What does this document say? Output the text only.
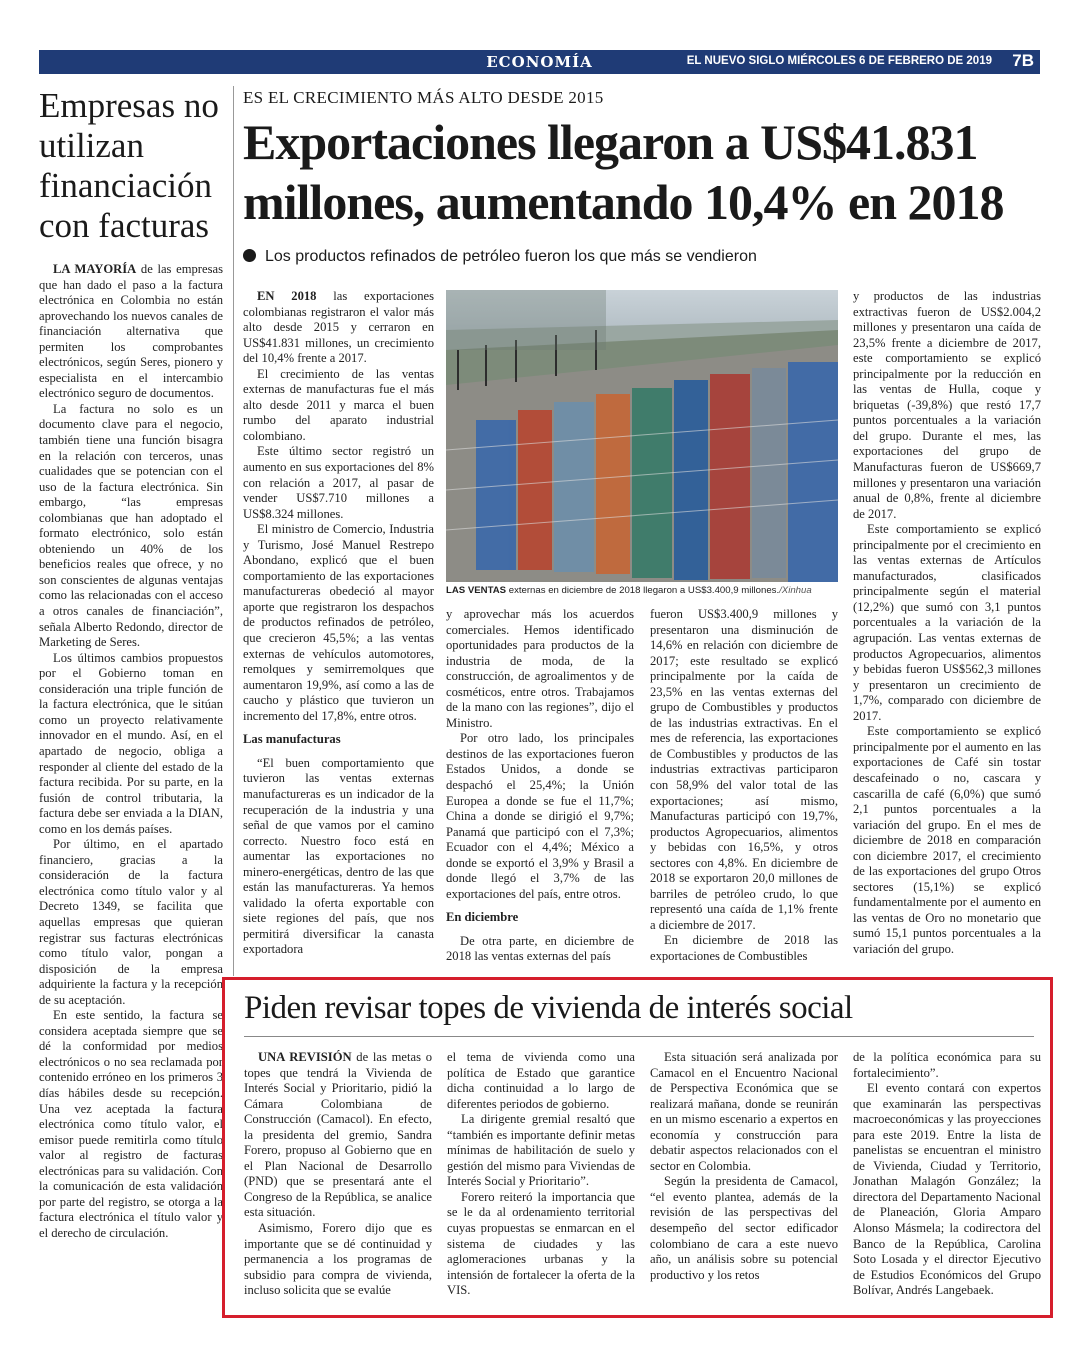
ECONOMÍA	EL NUEVO SIGLO MIÉRCOLES 6 DE FEBRERO DE 2019 7B
Empresas no utilizan financiación con facturas

LA MAYORÍA de las empresas que han dado el paso a la factura electrónica en Colombia no están aprovechando los nuevos canales de financiación alternativa que permiten los comprobantes electrónicos, según Seres, pionero y especialista en el intercambio electrónico seguro de documentos.

La factura no solo es un documento clave para el negocio, también tiene una función bisagra en la relación con terceros, unas cualidades que se potencian con el uso de la factura electrónica. Sin embargo, “las empresas colombianas que han adoptado el formato electrónico, solo están obteniendo un 40% de los beneficios reales que ofrece, y no son conscientes de algunas ventajas como las relacionadas con el acceso a otros canales de financiación”, señala Alberto Redondo, director de Marketing de Seres.

Los últimos cambios propuestos por el Gobierno toman en consideración una triple función de la factura electrónica, que le sitúan como un proyecto relativamente innovador en el mundo. Así, en el apartado de negocio, obliga a responder al cliente del estado de la factura recibida. Por su parte, en la fusión de control tributaria, la factura debe ser enviada a la DIAN, como en los demás países.

Por último, en el apartado financiero, gracias a la consideración de la factura electrónica como título valor y al Decreto 1349, se facilita que aquellas empresas que quieran registrar sus facturas electrónicas como título valor, pongan a disposición de la empresa adquiriente la factura y la recepción de su aceptación.

En este sentido, la factura se considera aceptada siempre que se dé la conformidad por medios electrónicos o no sea reclamada por contenido erróneo en los primeros 3 días hábiles desde su recepción. Una vez aceptada la factura electrónica como título valor, el emisor puede remitirla como título valor al registro de facturas electrónicas para su validación. Con la comunicación de esta validación por parte del registro, se otorga a la factura electrónica el título valor y el derecho de circulación.

ES EL CRECIMIENTO MÁS ALTO DESDE 2015
Exportaciones llegaron a US$41.831 millones, aumentando 10,4% en 2018
Los productos refinados de petróleo fueron los que más se vendieron

EN 2018 las exportaciones colombianas registraron el valor más alto desde 2015 y cerraron en US$41.831 millones, un crecimiento del 10,4% frente a 2017.

El crecimiento de las ventas externas de manufacturas fue el más alto desde 2011 y marca el buen rumbo del aparato industrial colombiano.

Este último sector registró un aumento en sus exportaciones del 8% con relación a 2017, al pasar de vender US$7.710 millones a US$8.324 millones.

El ministro de Comercio, Industria y Turismo, José Manuel Restrepo Abondano, explicó que el buen comportamiento de las exportaciones manufactureras obedeció al mayor aporte que registraron los despachos de productos refinados de petróleo, que crecieron 45,5%; a las ventas externas de vehículos automotores, remolques y semirremolques que aumentaron 19,9%, así como a las de caucho y plástico que tuvieron un incremento del 17,8%, entre otros.

Las manufacturas

“El buen comportamiento que tuvieron las ventas externas manufactureras es un indicador de la recuperación de la industria y una señal de que vamos por el camino correcto. Nuestro foco está en aumentar las exportaciones no minero-energéticas, dentro de las que están las manufactureras. Ya hemos validado la oferta exportable con siete regiones del país, que nos permitirá diversificar la canasta exportadora

LAS VENTAS externas en diciembre de 2018 llegaron a US$3.400,9 millones./Xinhua

y aprovechar más los acuerdos comerciales. Hemos identificado oportunidades para productos de la industria de moda, de la construcción, de agroalimentos y de cosméticos, entre otros. Trabajamos de la mano con las regiones”, dijo el Ministro.

Por otro lado, los principales destinos de las exportaciones fueron Estados Unidos, a donde se despachó el 25,4%; la Unión Europea a donde se fue el 11,7%; China a donde se dirigió el 9,7%; Panamá que participó con el 7,3%; Ecuador con el 4,4%; México a donde se exportó el 3,9% y Brasil a donde llegó el 3,7% de las exportaciones del país, entre otros.

En diciembre

De otra parte, en diciembre de 2018 las ventas externas del país

fueron US$3.400,9 millones y presentaron una disminución de 14,6% en relación con diciembre de 2017; este resultado se explicó principalmente por la caída de 23,5% en las ventas externas del grupo de Combustibles y productos de las industrias extractivas. En el mes de referencia, las exportaciones de Combustibles y productos de las industrias extractivas participaron con 58,9% del valor total de las exportaciones; así mismo, Manufacturas participó con 19,7%, productos Agropecuarios, alimentos y bebidas con 16,5%, y otros sectores con 4,8%. En diciembre de 2018 se exportaron 20,0 millones de barriles de petróleo crudo, lo que representó una caída de 1,1% frente a diciembre de 2017.

En diciembre de 2018 las exportaciones de Combustibles

y productos de las industrias extractivas fueron de US$2.004,2 millones y presentaron una caída de 23,5% frente a diciembre de 2017, este comportamiento se explicó principalmente por la reducción en las ventas de Hulla, coque y briquetas (-39,8%) que restó 17,7 puntos porcentuales a la variación del grupo. Durante el mes, las exportaciones del grupo de Manufacturas fueron de US$669,7 millones y presentaron una variación anual de 0,8%, frente al diciembre de 2017.

Este comportamiento se explicó principalmente por el crecimiento en las ventas externas de Artículos manufacturados, clasificados principalmente según el material (12,2%) que sumó con 3,1 puntos porcentuales a la variación de la agrupación. Las ventas externas de productos Agropecuarios, alimentos y bebidas fueron US$562,3 millones y presentaron un crecimiento de 1,7%, comparado con diciembre de 2017.

Este comportamiento se explicó principalmente por el aumento en las exportaciones de Café sin tostar descafeinado o no, cascara y cascarilla de café (6,0%) que sumó 2,1 puntos porcentuales a la variación del grupo. En el mes de diciembre de 2018 en comparación con diciembre 2017, el crecimiento de las exportaciones del grupo Otros sectores (15,1%) se explicó fundamentalmente por el aumento en las ventas de Oro no monetario que sumó 15,1 puntos porcentuales a la variación del grupo.

Piden revisar topes de vivienda de interés social

UNA REVISIÓN de las metas o topes que tendrá la Vivienda de Interés Social y Prioritario, pidió la Cámara Colombiana de Construcción (Camacol). En efecto, la presidenta del gremio, Sandra Forero, propuso al Gobierno que en el Plan Nacional de Desarrollo (PND) que se presentará ante el Congreso de la República, se analice esta situación.

Asimismo, Forero dijo que es importante que se dé continuidad y permanencia a los programas de subsidio para compra de vivienda, incluso solicita que se evalúe

el tema de vivienda como una política de Estado que garantice dicha continuidad a lo largo de diferentes periodos de gobierno.

La dirigente gremial resaltó que “también es importante definir metas mínimas de habilitación de suelo y gestión del mismo para Viviendas de Interés Social y Prioritario”.

Forero reiteró la importancia que se le da al ordenamiento territorial cuyas propuestas se enmarcan en el sistema de ciudades y las aglomeraciones urbanas y la intensión de fortalecer la oferta de la VIS.

Esta situación será analizada por Camacol en el Encuentro Nacional de Perspectiva Económica que se realizará mañana, donde se reunirán en un mismo escenario a expertos en economía y construcción para debatir aspectos relacionados con el sector en Colombia.

Según la presidenta de Camacol, “el evento plantea, además de la revisión de las perspectivas del desempeño del sector edificador colombiano de cara a este nuevo año, un análisis sobre su potencial productivo y los retos

de la política económica para su fortalecimiento”.

El evento contará con expertos que examinarán las perspectivas macroeconómicas y las proyecciones para este 2019. Entre la lista de panelistas se encuentran el ministro de Vivienda, Ciudad y Territorio, Jonathan Malagón González; la directora del Departamento Nacional de Planeación, Gloria Amparo Alonso Másmela; la codirectora del Banco de la República, Carolina Soto Losada y el director Ejecutivo de Estudios Económicos del Grupo Bolívar, Andrés Langebaek.
